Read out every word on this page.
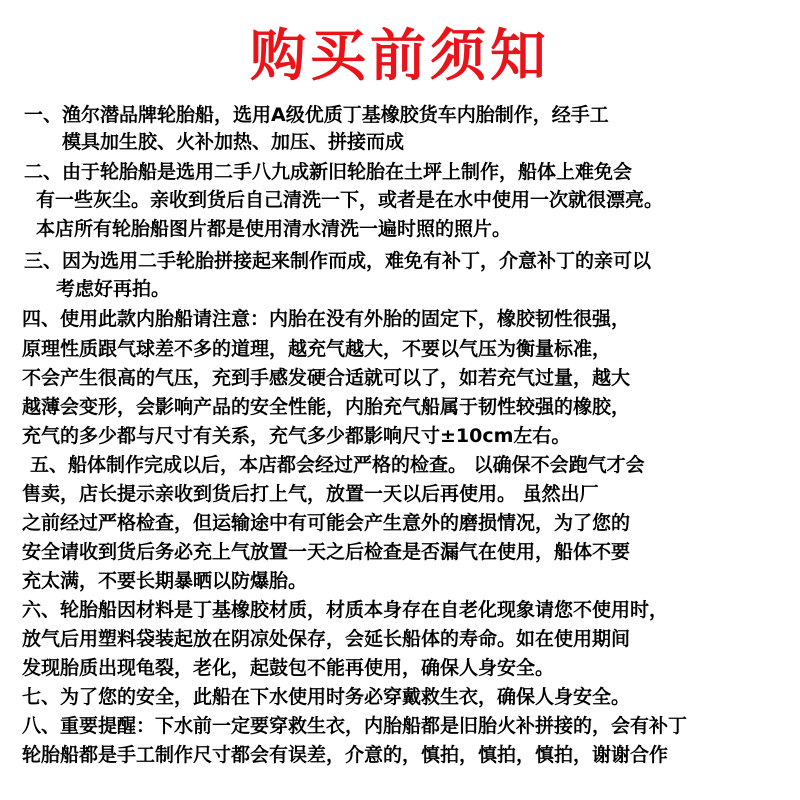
购买前须知
一、渔尔潜品牌轮胎船，选用A级优质丁基橡胶货车内胎制作，经手工
模具加生胶、火补加热、加压、拼接而成
二、由于轮胎船是选用二手八九成新旧轮胎在土坪上制作，船体上难免会
有一些灰尘。亲收到货后自己清洗一下，或者是在水中使用一次就很漂亮。
本店所有轮胎船图片都是使用清水清洗一遍时照的照片。
三、因为选用二手轮胎拼接起来制作而成，难免有补丁，介意补丁的亲可以
考虑好再拍。
四、使用此款内胎船请注意：内胎在没有外胎的固定下，橡胶韧性很强，
原理性质跟气球差不多的道理，越充气越大，不要以气压为衡量标准，
不会产生很高的气压，充到手感发硬合适就可以了，如若充气过量，越大
越薄会变形，会影响产品的安全性能，内胎充气船属于韧性较强的橡胶，
充气的多少都与尺寸有关系，充气多少都影响尺寸±10cm左右。
五、船体制作完成以后，本店都会经过严格的检查。 以确保不会跑气才会
售卖，店长提示亲收到货后打上气，放置一天以后再使用。 虽然出厂
之前经过严格检查，但运输途中有可能会产生意外的磨损情况，为了您的
安全请收到货后务必充上气放置一天之后检查是否漏气在使用，船体不要
充太满，不要长期暴晒以防爆胎。
六、轮胎船因材料是丁基橡胶材质，材质本身存在自老化现象请您不使用时，
放气后用塑料袋装起放在阴凉处保存，会延长船体的寿命。如在使用期间
发现胎质出现龟裂，老化，起鼓包不能再使用，确保人身安全。
七、为了您的安全，此船在下水使用时务必穿戴救生衣，确保人身安全。
八、重要提醒：下水前一定要穿救生衣，内胎船都是旧胎火补拼接的，会有补丁
轮胎船都是手工制作尺寸都会有误差，介意的，慎拍，慎拍，慎拍，谢谢合作
